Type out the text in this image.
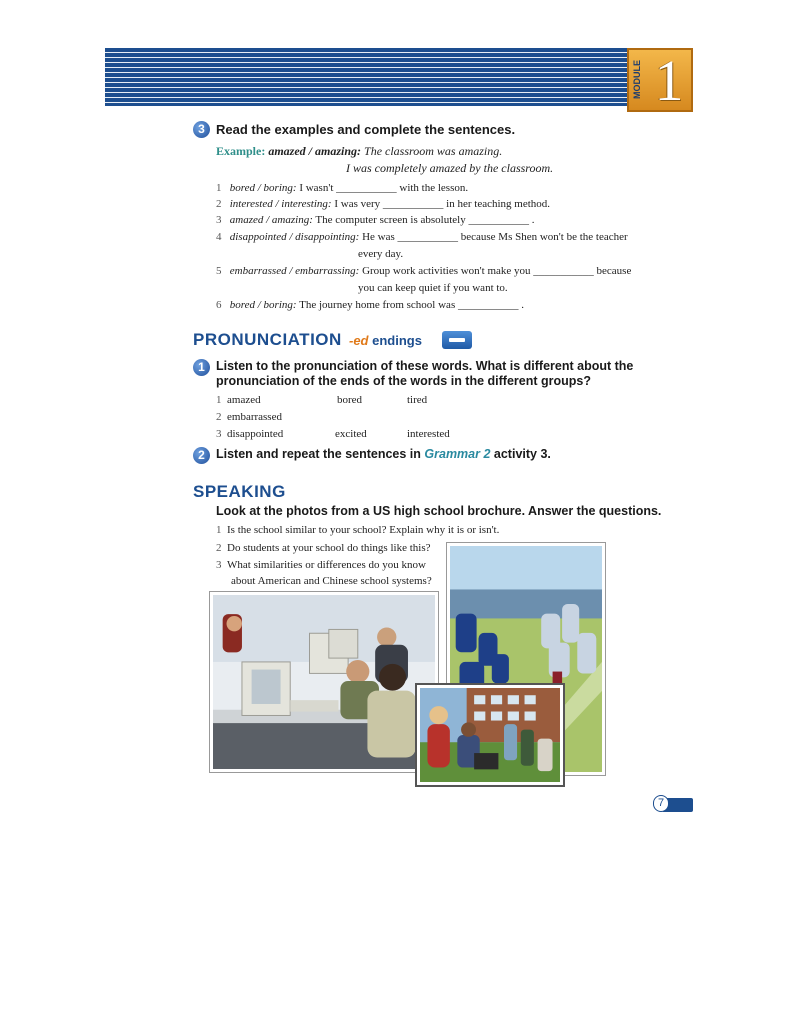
MODULE 1
3 Read the examples and complete the sentences.
Example: amazed / amazing: The classroom was amazing.
I was completely amazed by the classroom.
1 bored / boring: I wasn't ___________ with the lesson.
2 interested / interesting: I was very ___________ in her teaching method.
3 amazed / amazing: The computer screen is absolutely ___________ .
4 disappointed / disappointing: He was ___________ because Ms Shen won't be the teacher
every day.
5 embarrassed / embarrassing: Group work activities won't make you ___________ because
you can keep quiet if you want to.
6 bored / boring: The journey home from school was ___________ .
PRONUNCIATION -ed endings
1 Listen to the pronunciation of these words. What is different about the
pronunciation of the ends of the words in the different groups?
1 amazed	bored	tired
2 embarrassed
3 disappointed	excited	interested
2 Listen and repeat the sentences in Grammar 2 activity 3.
SPEAKING
Look at the photos from a US high school brochure. Answer the questions.
1 Is the school similar to your school? Explain why it is or isn't.
2 Do students at your school do things like this?
3 What similarities or differences do you know
about American and Chinese school systems?
7
